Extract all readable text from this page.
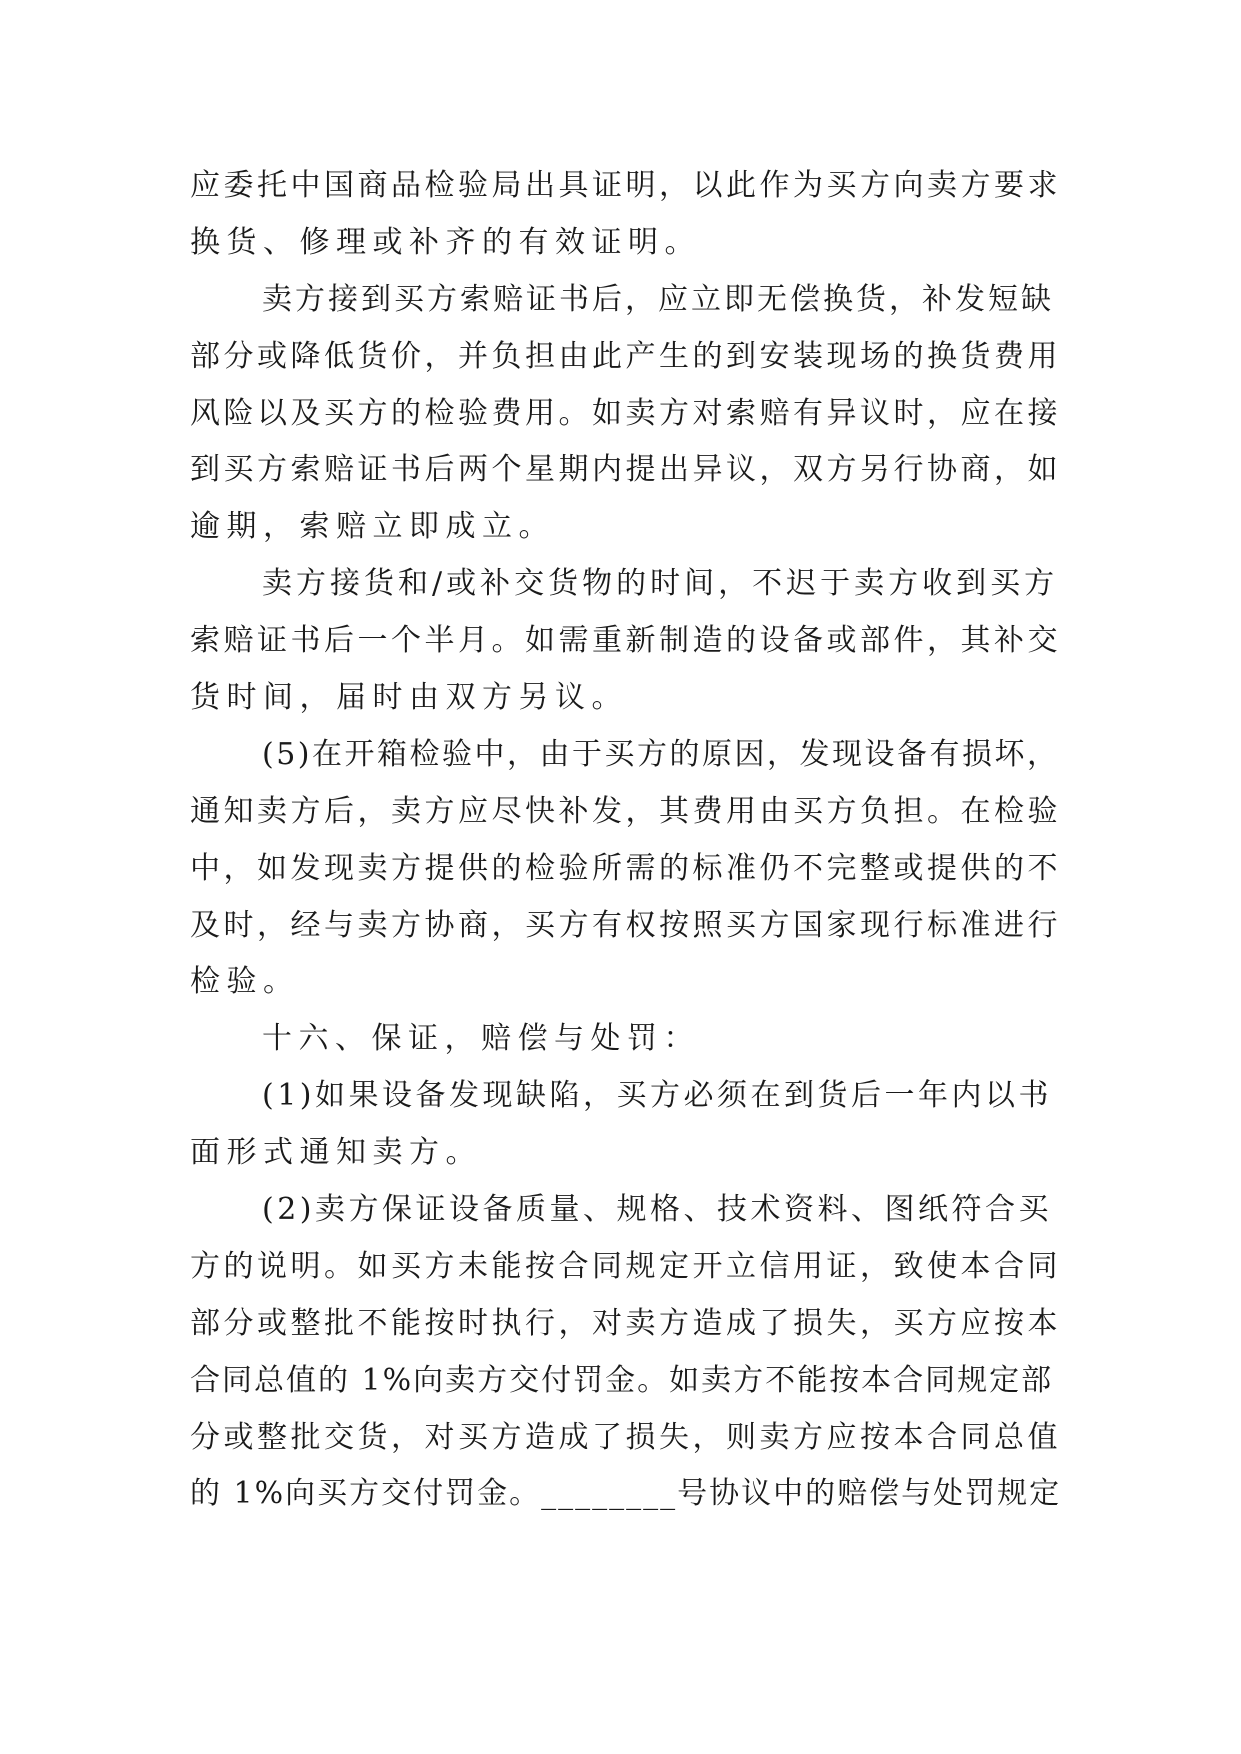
应委托中国商品检验局出具证明，以此作为买方向卖方要求
换货、修理或补齐的有效证明。
卖方接到买方索赔证书后，应立即无偿换货，补发短缺
部分或降低货价，并负担由此产生的到安装现场的换货费用
风险以及买方的检验费用。如卖方对索赔有异议时，应在接
到买方索赔证书后两个星期内提出异议，双方另行协商，如
逾期，索赔立即成立。
卖方接货和/或补交货物的时间，不迟于卖方收到买方
索赔证书后一个半月。如需重新制造的设备或部件，其补交
货时间，届时由双方另议。
(5)在开箱检验中，由于买方的原因，发现设备有损坏，
通知卖方后，卖方应尽快补发，其费用由买方负担。在检验
中，如发现卖方提供的检验所需的标准仍不完整或提供的不
及时，经与卖方协商，买方有权按照买方国家现行标准进行
检验。
十六、保证，赔偿与处罚：
(1)如果设备发现缺陷，买方必须在到货后一年内以书
面形式通知卖方。
(2)卖方保证设备质量、规格、技术资料、图纸符合买
方的说明。如买方未能按合同规定开立信用证，致使本合同
部分或整批不能按时执行，对卖方造成了损失，买方应按本
合同总值的 1%向卖方交付罚金。如卖方不能按本合同规定部
分或整批交货，对买方造成了损失，则卖方应按本合同总值
的 1%向买方交付罚金。________号协议中的赔偿与处罚规定
